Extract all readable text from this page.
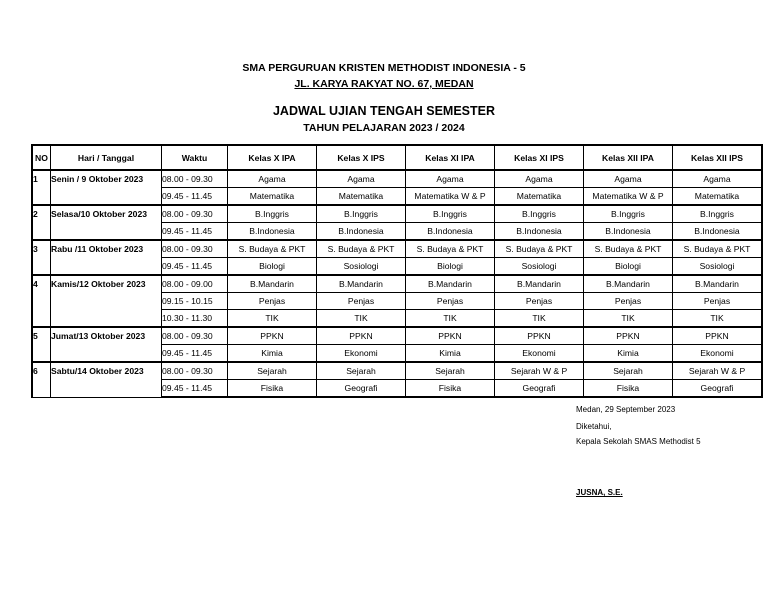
SMA PERGURUAN KRISTEN METHODIST INDONESIA - 5
JL. KARYA RAKYAT NO. 67, MEDAN
JADWAL UJIAN TENGAH SEMESTER
TAHUN PELAJARAN 2023 / 2024
NO	Hari / Tanggal	Waktu	Kelas X IPA	Kelas X IPS	Kelas XI IPA	Kelas XI IPS	Kelas XII IPA	Kelas XII IPS
1	Senin / 9 Oktober 2023	08.00 - 09.30	Agama	Agama	Agama	Agama	Agama	Agama
		09.45 - 11.45	Matematika	Matematika	Matematika W & P	Matematika	Matematika W & P	Matematika
2	Selasa/10 Oktober 2023	08.00 - 09.30	B.Inggris	B.Inggris	B.Inggris	B.Inggris	B.Inggris	B.Inggris
		09.45 - 11.45	B.Indonesia	B.Indonesia	B.Indonesia	B.Indonesia	B.Indonesia	B.Indonesia
3	Rabu /11 Oktober 2023	08.00 - 09.30	S. Budaya & PKT	S. Budaya & PKT	S. Budaya & PKT	S. Budaya & PKT	S. Budaya & PKT	S. Budaya & PKT
		09.45 - 11.45	Biologi	Sosiologi	Biologi	Sosiologi	Biologi	Sosiologi
4	Kamis/12 Oktober 2023	08.00 - 09.00	B.Mandarin	B.Mandarin	B.Mandarin	B.Mandarin	B.Mandarin	B.Mandarin
		09.15 - 10.15	Penjas	Penjas	Penjas	Penjas	Penjas	Penjas
		10.30 - 11.30	TIK	TIK	TIK	TIK	TIK	TIK
5	Jumat/13 Oktober 2023	08.00 - 09.30	PPKN	PPKN	PPKN	PPKN	PPKN	PPKN
		09.45 - 11.45	Kimia	Ekonomi	Kimia	Ekonomi	Kimia	Ekonomi
6	Sabtu/14 Oktober 2023	08.00 - 09.30	Sejarah	Sejarah	Sejarah	Sejarah W & P	Sejarah	Sejarah W & P
		09.45 - 11.45	Fisika	Geografi	Fisika	Geografi	Fisika	Geografi
Medan, 29 September 2023
Diketahui,
Kepala Sekolah SMAS Methodist 5
JUSNA, S.E.
